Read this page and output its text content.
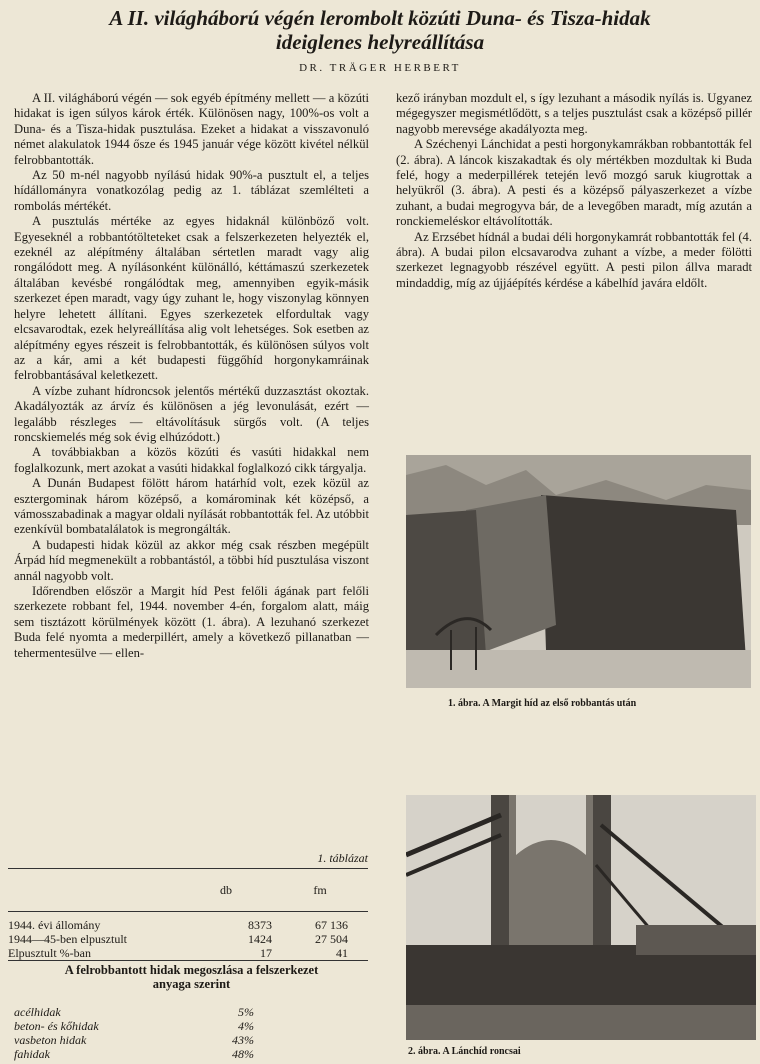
A II. világháború végén lerombolt közúti Duna- és Tisza-hidak
ideiglenes helyreállítása
DR. TRÄGER HERBERT

A II. világháború végén — sok egyéb építmény mellett — a közúti hidakat is igen súlyos károk érték. Különösen nagy, 100%-os volt a Duna- és a Tisza-hidak pusztulása. Ezeket a hidakat a visszavonuló német alakulatok 1944 ősze és 1945 január vége között kivétel nélkül felrobbantották.

Az 50 m-nél nagyobb nyílású hidak 90%-a pusztult el, a teljes hídállományra vonatkozólag pedig az 1. táblázat szemlélteti a rombolás mértékét.

A pusztulás mértéke az egyes hidaknál különböző volt. Egyeseknél a robbantótölteteket csak a felszerkezeten helyezték el, ezeknél az alépítmény általában sértetlen maradt vagy alig rongálódott meg. A nyílásonként különálló, kéttámaszú szerkezetek általában kevésbé rongálódtak meg, amennyiben egyik-másik szerkezet épen maradt, vagy úgy zuhant le, hogy viszonylag könnyen helyre lehetett állítani. Egyes szerkezetek elfordultak vagy elcsavarodtak, ezek helyreállítása alig volt lehetséges. Sok esetben az alépítmény egyes részeit is felrobbantották, és különösen súlyos volt az a kár, ami a két budapesti függőhíd horgonykamráinak felrobbantásával keletkezett.

A vízbe zuhant hídroncsok jelentős mértékű duzzasztást okoztak. Akadályozták az árvíz és különösen a jég levonulását, ezért — legalább részleges — eltávolításuk sürgős volt. (A teljes roncskiemelés még sok évig elhúzódott.)

A továbbiakban a közös közúti és vasúti hidakkal nem foglalkozunk, mert azokat a vasúti hidakkal foglalkozó cikk tárgyalja.

A Dunán Budapest fölött három határhíd volt, ezek közül az esztergominak három középső, a komárominak két középső, a vámosszabadinak a magyar oldali nyílását robbantották fel. Az utóbbit ezenkívül bombatalálatok is megrongálták.

A budapesti hidak közül az akkor még csak részben megépült Árpád híd megmenekült a robbantástól, a többi híd pusztulása viszont annál nagyobb volt.

Időrendben először a Margit híd Pest felőli ágának part felőli szerkezete robbant fel, 1944. november 4-én, forgalom alatt, máig sem tisztázott körülmények között (1. ábra). A lezuhanó szerkezet Buda felé nyomta a mederpillért, amely a következő pillanatban — tehermentesülve — ellen-

kező irányban mozdult el, s így lezuhant a második nyílás is. Ugyanez mégegyszer megismétlődött, s a teljes pusztulást csak a középső pillér nagyobb merevsége akadályozta meg.

A Széchenyi Lánchidat a pesti horgonykamrákban robbantották fel (2. ábra). A láncok kiszakadtak és oly mértékben mozdultak ki Buda felé, hogy a mederpillérek tetején levő mozgó saruk kiugrottak a helyükről (3. ábra). A pesti és a középső pályaszerkezet a vízbe zuhant, a budai megrogyva bár, de a levegőben maradt, míg azután a ronckiemeléskor eltávolították.

Az Erzsébet hídnál a budai déli horgonykamrát robbantották fel (4. ábra). A budai pilon elcsavarodva zuhant a vízbe, a meder fölötti szerkezet legnagyobb részével együtt. A pesti pilon állva maradt mindaddig, míg az újjáépítés kérdése a kábelhíd javára eldőlt.

1. táblázat
	db	fm

1944. évi állomány	8373	67 136
1944—45-ben elpusztult	1424	27 504
Elpusztult %-ban	17	41
A felrobbantott hidak megoszlása a felszerkezet
anyaga szerint
acélhidak	5%
beton- és kőhidak	4%
vasbeton hidak	43%
fahidak	48%
1. ábra. A Margit híd az első robbantás után
2. ábra. A Lánchíd roncsai
